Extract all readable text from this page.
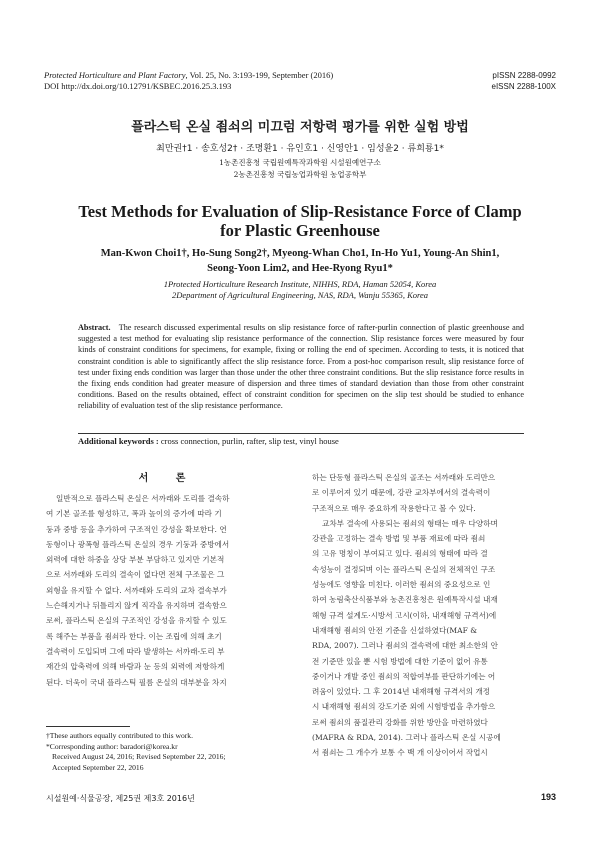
Protected Horticulture and Plant Factory, Vol. 25, No. 3:193-199, September (2016)
DOI http://dx.doi.org/10.12791/KSBEC.2016.25.3.193
pISSN 2288-0992
eISSN 2288-100X
플라스틱 온실 죔쇠의 미끄럼 저항력 평가를 위한 실험 방법
최만권†1 · 송호성2† · 조명환1 · 유인호1 · 신영안1 · 임성윤2 · 류희룡1*
1농촌진흥청 국립원예특작과학원 시설원예연구소
2농촌진흥청 국립농업과학원 농업공학부
Test Methods for Evaluation of Slip-Resistance Force of Clamp
for Plastic Greenhouse
Man-Kwon Choi1†, Ho-Sung Song2†, Myeong-Whan Cho1, In-Ho Yu1, Young-An Shin1,
Seong-Yoon Lim2, and Hee-Ryong Ryu1*
1Protected Horticulture Research Institute, NIHHS, RDA, Haman 52054, Korea
2Department of Agricultural Engineering, NAS, RDA, Wanju 55365, Korea
Abstract. The research discussed experimental results on slip resistance force of rafter-purlin connection of plastic greenhouse and suggested a test method for evaluating slip resistance performance of the connection. Slip resistance forces were measured by four kinds of constraint conditions for specimens, for example, fixing or rolling the end of specimen. According to tests, it is noticed that constraint condition is able to significantly affect the slip resistance force. From a post-hoc comparison result, slip resistance force of test under fixing ends condition was larger than those under the other three constraint conditions. But the slip resistance force results in the fixing ends condition had greater measure of dispersion and three times of standard deviation than those from other constraint conditions. Based on the results obtained, effect of constraint condition for specimen on the slip test should be studied to enhance reliability of evaluation test of the slip resistance performance.
Additional keywords : cross connection, purlin, rafter, slip test, vinyl house
서 론
일반적으로 플라스틱 온실은 서까래와 도리를 결속하
여 기본 골조를 형성하고, 폭과 높이의 증가에 따라 기
둥과 중방 등을 추가하여 구조적인 강성을 확보한다. 연
동형이나 광폭형 플라스틱 온실의 경우 기둥과 중방에서
외력에 대한 하중을 상당 부분 부담하고 있지만 기본적
으로 서까래와 도리의 결속이 없다면 전체 구조물은 그
외형을 유지할 수 없다. 서까래와 도리의 교차 결속부가
느슨해지거나 뒤틀리지 않게 직각을 유지하며 결속함으
로써, 플라스틱 온실의 구조적인 강성을 유지할 수 있도
록 해주는 부품을 죔쇠라 한다. 이는 조립에 의해 초기
결속력이 도입되며 그에 따라 발생하는 서까래-도리 부
재간의 압축력에 의해 바람과 눈 등의 외력에 저항하게
된다. 더욱이 국내 플라스틱 필름 온실의 대부분을 차지
하는 단동형 플라스틱 온실의 골조는 서까래와 도리만으
로 이루어져 있기 때문에, 강관 교차부에서의 결속력이
구조적으로 매우 중요하게 작용한다고 볼 수 있다.
교차부 결속에 사용되는 죔쇠의 형태는 매우 다양하며
강관을 고정하는 결속 방법 및 부품 재료에 따라 죔쇠
의 고유 명칭이 부여되고 있다. 죔쇠의 형태에 따라 결
속성능이 결정되며 이는 플라스틱 온실의 전체적인 구조
성능에도 영향을 미친다. 이러한 죔쇠의 중요성으로 인
하여 농림축산식품부와 농촌진흥청은 원예특작시설 내재
해형 규격 설계도·시방서 고시(이하, 내재해형 규격서)에
내재해형 죔쇠의 안전 기준을 신설하였다(MAF &
RDA, 2007). 그러나 죔쇠의 결속력에 대한 최소한의 안
전 기준만 있을 뿐 시험 방법에 대한 기준이 없어 유통
중이거나 개발 중인 죔쇠의 적합여부를 판단하기에는 어
려움이 있었다. 그 후 2014년 내재해형 규격서의 개정
시 내재해형 죔쇠의 강도기준 외에 시험방법을 추가함으
로써 죔쇠의 품질관리 강화를 위한 방안을 마련하였다
(MAFRA & RDA, 2014). 그러나 플라스틱 온실 시공에
서 죔쇠는 그 개수가 보통 수 백 개 이상이어서 작업시
†These authors equally contributed to this work.
*Corresponding author: baradori@korea.kr
Received August 24, 2016; Revised September 22, 2016;
Accepted September 22, 2016
시설원예·식물공장, 제25권 제3호 2016년	193
